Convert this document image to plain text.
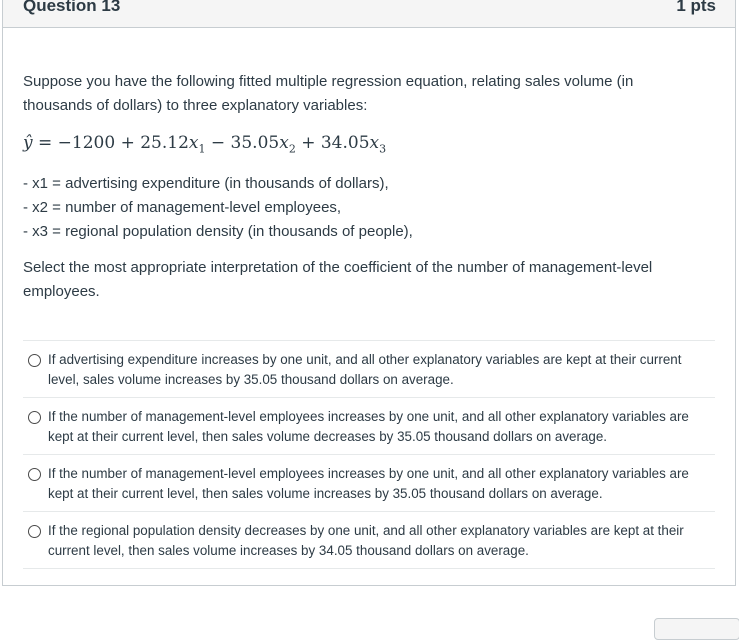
Question 13	1 pts

Suppose you have the following fitted multiple regression equation, relating sales volume (in thousands of dollars) to three explanatory variables:

ŷ = $-1200 + 25.12x_1 - 35.05x_2 + 34.05x_3$
- x1 = advertising expenditure (in thousands of dollars),
- x2 = number of management-level employees,
- x3 = regional population density (in thousands of people),

Select the most appropriate interpretation of the coefficient of the number of management-level employees.

If advertising expenditure increases by one unit, and all other explanatory variables are kept at their current level, sales volume increases by 35.05 thousand dollars on average.
If the number of management-level employees increases by one unit, and all other explanatory variables are kept at their current level, then sales volume decreases by 35.05 thousand dollars on average.
If the number of management-level employees increases by one unit, and all other explanatory variables are kept at their current level, then sales volume increases by 35.05 thousand dollars on average.
If the regional population density decreases by one unit, and all other explanatory variables are kept at their current level, then sales volume increases by 34.05 thousand dollars on average.
